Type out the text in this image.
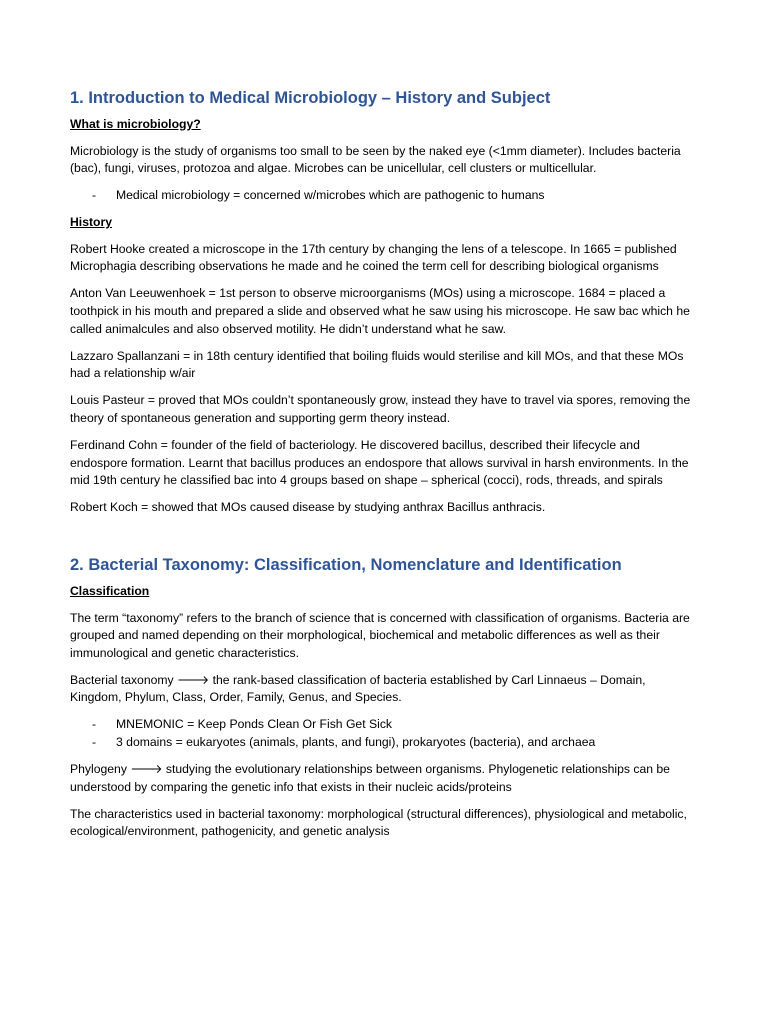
1. Introduction to Medical Microbiology – History and Subject
What is microbiology?

Microbiology is the study of organisms too small to be seen by the naked eye (<1mm diameter). Includes bacteria (bac), fungi, viruses, protozoa and algae. Microbes can be unicellular, cell clusters or multicellular.

- Medical microbiology = concerned w/microbes which are pathogenic to humans
History

Robert Hooke created a microscope in the 17th century by changing the lens of a telescope. In 1665 = published Microphagia describing observations he made and he coined the term cell for describing biological organisms

Anton Van Leeuwenhoek = 1st person to observe microorganisms (MOs) using a microscope. 1684 = placed a toothpick in his mouth and prepared a slide and observed what he saw using his microscope. He saw bac which he called animalcules and also observed motility. He didn’t understand what he saw.

Lazzaro Spallanzani = in 18th century identified that boiling fluids would sterilise and kill MOs, and that these MOs had a relationship w/air

Louis Pasteur = proved that MOs couldn’t spontaneously grow, instead they have to travel via spores, removing the theory of spontaneous generation and supporting germ theory instead.

Ferdinand Cohn = founder of the field of bacteriology. He discovered bacillus, described their lifecycle and endospore formation. Learnt that bacillus produces an endospore that allows survival in harsh environments. In the mid 19th century he classified bac into 4 groups based on shape – spherical (cocci), rods, threads, and spirals

Robert Koch = showed that MOs caused disease by studying anthrax Bacillus anthracis.

2. Bacterial Taxonomy: Classification, Nomenclature and Identification
Classification

The term “taxonomy” refers to the branch of science that is concerned with classification of organisms. Bacteria are grouped and named depending on their morphological, biochemical and metabolic differences as well as their immunological and genetic characteristics.

Bacterial taxonomy 🡒 the rank-based classification of bacteria established by Carl Linnaeus – Domain, Kingdom, Phylum, Class, Order, Family, Genus, and Species.

- MNEMONIC = Keep Ponds Clean Or Fish Get Sick
- 3 domains = eukaryotes (animals, plants, and fungi), prokaryotes (bacteria), and archaea

Phylogeny 🡒 studying the evolutionary relationships between organisms. Phylogenetic relationships can be understood by comparing the genetic info that exists in their nucleic acids/proteins

The characteristics used in bacterial taxonomy: morphological (structural differences), physiological and metabolic, ecological/environment, pathogenicity, and genetic analysis
